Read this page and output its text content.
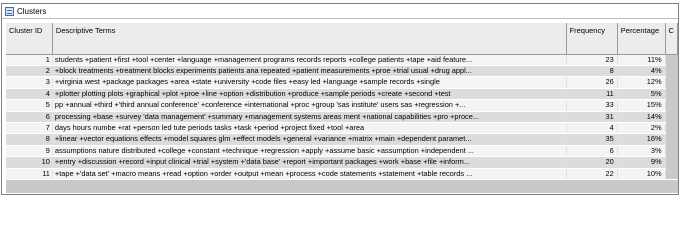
Clusters
Cluster ID	Descriptive Terms	Frequency	Percentage	C
1	students +patient +first +tool +center +language +management programs records reports +college patients +tape +aid feature...	23	11%	
2	+block treatments +treatment blocks experiments patients ana repeated +patient measurements +proe +trial usual +drug appl...	8	4%	
3	+virginia west +package packages +area +state +university +code files +easy led +language +sample records +single	26	12%	
4	+plotter plotting plots +graphical +plot +proe +line +option +distribution +produce +sample periods +create +second +test	11	5%	
5	pp +annual +third +'third annual conference' +conference +international +proc +group 'sas institute' users sas +regression +...	33	15%	
6	processing +base +survey 'data management' +summary +management systems areas ment +national capabilities +pro +proce...	31	14%	
7	days hours numbe +rat +person led tute periods tasks +task +period +project fixed +tool +area	4	2%	
8	+linear +vector equations effects +model squares glm +effect models +general +variance +matrix +main +dependent paramet...	35	16%	
9	assumptions nature distributed +college +constant +technique +regression +apply +assume basic +assumption +independent ...	6	3%	
10	+entry +discussion +record +input clinical +trial +system +'data base' +report +important packages +work +base +file +inform...	20	9%	
11	+tape +'data set' +macro means +read +option +order +output +mean +process +code statements +statement +table records ...	22	10%	
